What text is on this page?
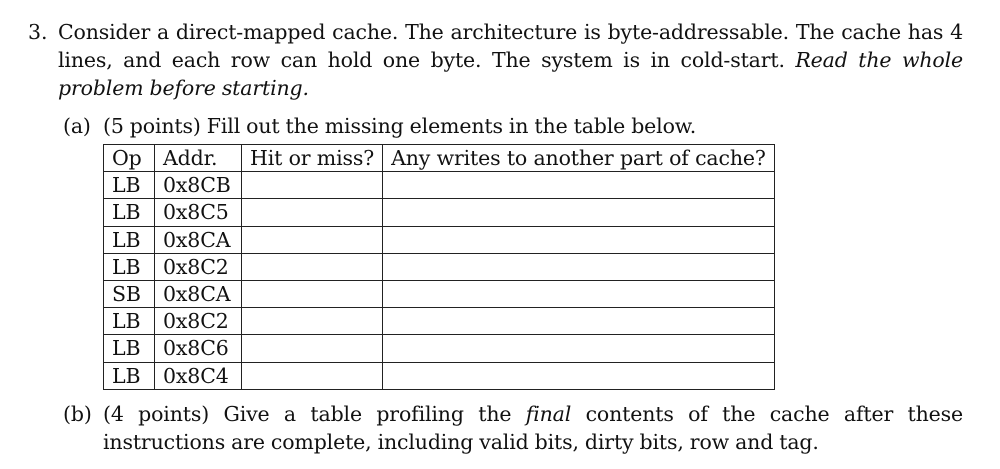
3. Consider a direct-mapped cache. The architecture is byte-addressable. The cache has 4 lines, and each row can hold one byte. The system is in cold-start. Read the whole problem before starting.
(a) (5 points) Fill out the missing elements in the table below.
Op	Addr.	Hit or miss?	Any writes to another part of cache?
LB	0x8CB		
LB	0x8C5		
LB	0x8CA		
LB	0x8C2		
SB	0x8CA		
LB	0x8C2		
LB	0x8C6		
LB	0x8C4		
(b) (4 points) Give a table profiling the final contents of the cache after these instructions are complete, including valid bits, dirty bits, row and tag.
